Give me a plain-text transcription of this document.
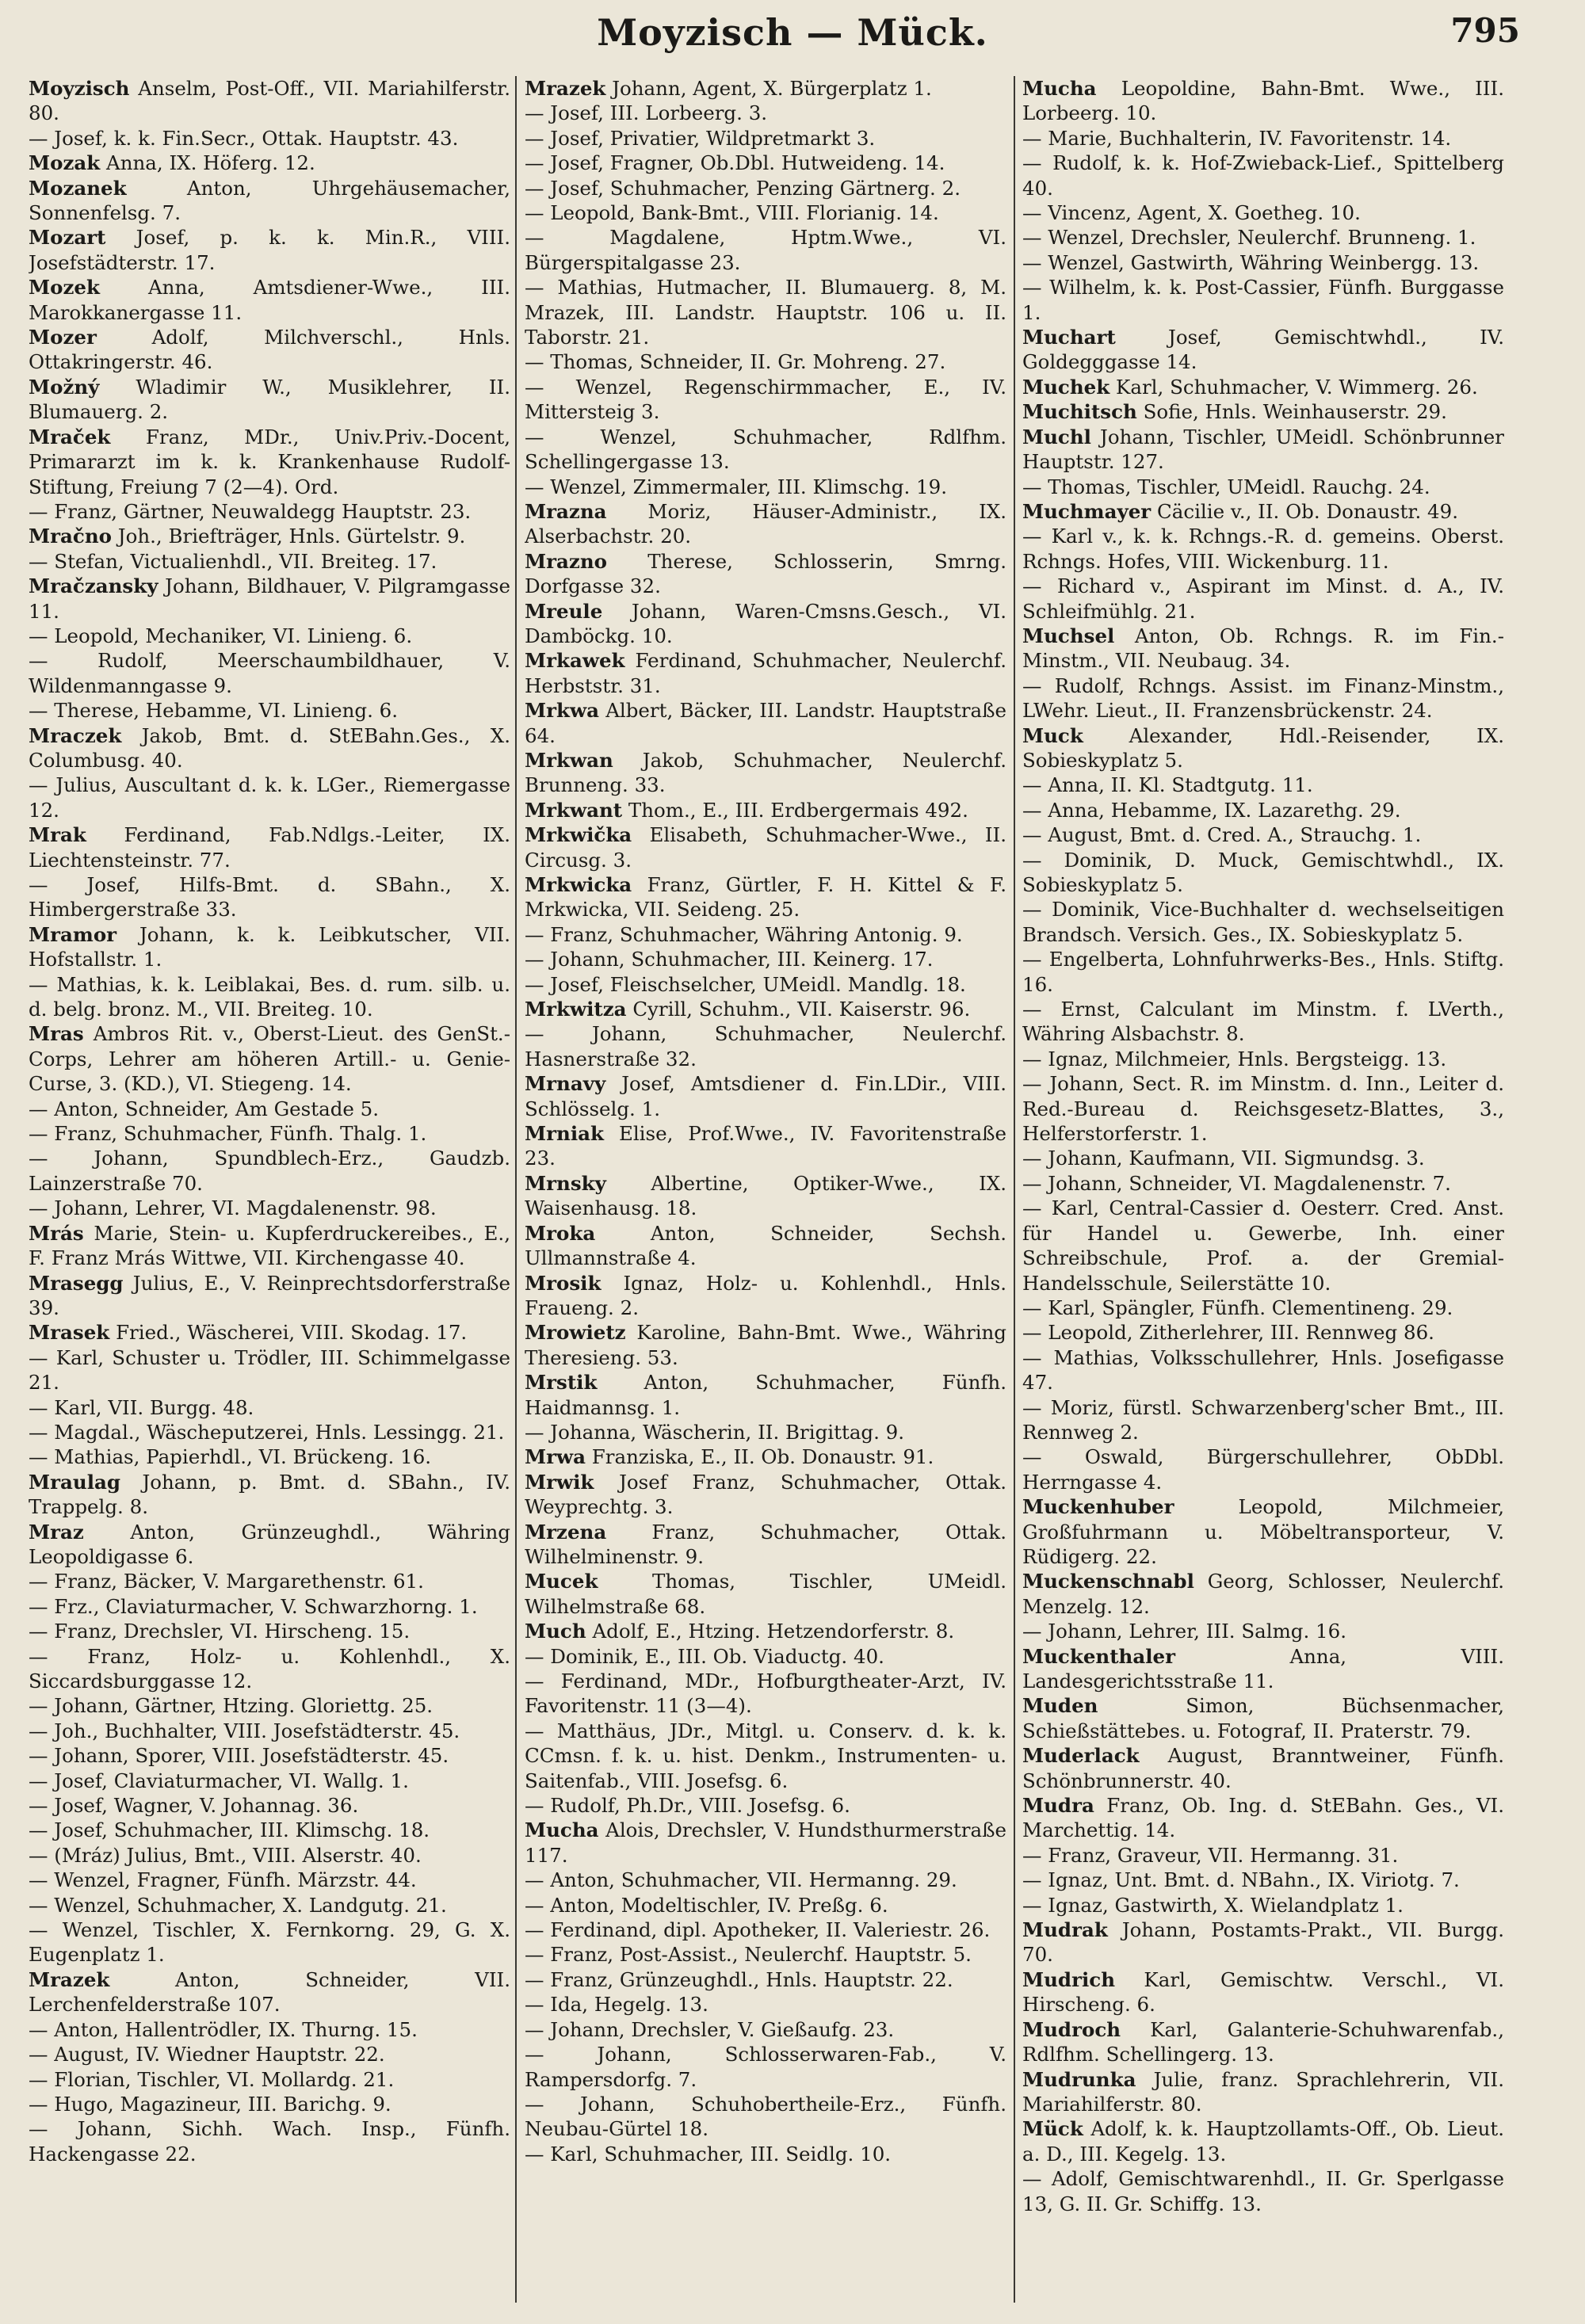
Moyzisch — Mück.	795

Moyzisch Anselm, Post-Off., VII. Mariahilferstr. 80.

— Josef, k. k. Fin.Secr., Ottak. Hauptstr. 43.

Mozak Anna, IX. Höferg. 12.

Mozanek	Anton, Uhrgehäusemacher, Sonnenfelsg. 7.

Mozart Josef, p. k. k. Min.R., VIII. Josefstädterstr. 17.

Mozek Anna, Amtsdiener-Wwe., III. Marokkanergasse 11.

Mozer	Adolf, Milchverschl., Hnls. Ottakringerstr. 46.

Možný Wladimir W., Musiklehrer, II. Blumauerg. 2.

Mraček Franz, MDr., Univ.Priv.-Docent, Primararzt im k. k. Krankenhause Rudolf-Stiftung, Freiung 7 (2—4). Ord.

— Franz, Gärtner, Neuwaldegg Hauptstr. 23.

Mračno Joh., Briefträger, Hnls. Gürtelstr. 9.

— Stefan, Victualienhdl., VII. Breiteg. 17.

Mračzansky Johann, Bildhauer, V. Pilgramgasse 11.

— Leopold, Mechaniker, VI. Linieng. 6.

— Rudolf, Meerschaumbildhauer, V. Wildenmanngasse 9.

— Therese, Hebamme, VI. Linieng. 6.

Mraczek Jakob, Bmt. d. StEBahn.Ges., X. Columbusg. 40.

— Julius, Auscultant d. k. k. LGer., Riemergasse 12.

Mrak Ferdinand, Fab.Ndlgs.-Leiter, IX. Liechtensteinstr. 77.

— Josef, Hilfs-Bmt. d. SBahn., X. Himbergerstraße 33.

Mramor Johann, k. k. Leibkutscher, VII. Hofstallstr. 1.

— Mathias, k. k. Leiblakai, Bes. d. rum. silb. u. d. belg. bronz. M., VII. Breiteg. 10.

Mras Ambros Rit. v., Oberst-Lieut. des GenSt.-Corps, Lehrer am höheren Artill.- u. Genie-Curse, 3. (KD.), VI. Stiegeng. 14.

— Anton, Schneider, Am Gestade 5.

— Franz, Schuhmacher, Fünfh. Thalg. 1.

— Johann, Spundblech-Erz., Gaudzb. Lainzerstraße 70.

— Johann, Lehrer, VI. Magdalenenstr. 98.

Mrás Marie, Stein- u. Kupferdruckereibes., E., F. Franz Mrás Wittwe, VII. Kirchengasse 40.

Mrasegg Julius, E., V. Reinprechtsdorferstraße 39.

Mrasek Fried., Wäscherei, VIII. Skodag. 17.

— Karl, Schuster u. Trödler, III. Schimmelgasse 21.

— Karl, VII. Burgg. 48.

— Magdal., Wäscheputzerei, Hnls. Lessingg. 21.

— Mathias, Papierhdl., VI. Brückeng. 16.

Mraulag Johann, p. Bmt. d. SBahn., IV. Trappelg. 8.

Mraz Anton, Grünzeughdl., Währing Leopoldigasse 6.

— Franz, Bäcker, V. Margarethenstr. 61.

— Frz., Claviaturmacher, V. Schwarzhorng. 1.

— Franz, Drechsler, VI. Hirscheng. 15.

— Franz, Holz- u. Kohlenhdl., X. Siccardsburggasse 12.

— Johann, Gärtner, Htzing. Gloriettg. 25.

— Joh., Buchhalter, VIII. Josefstädterstr. 45.

— Johann, Sporer, VIII. Josefstädterstr. 45.

— Josef, Claviaturmacher, VI. Wallg. 1.

— Josef, Wagner, V. Johannag. 36.

— Josef, Schuhmacher, III. Klimschg. 18.

— (Mráz) Julius, Bmt., VIII. Alserstr. 40.

— Wenzel, Fragner, Fünfh. Märzstr. 44.

— Wenzel, Schuhmacher, X. Landgutg. 21.

— Wenzel, Tischler, X. Fernkorng. 29, G. X. Eugenplatz 1.

Mrazek	Anton, Schneider, VII. Lerchenfelderstraße 107.

— Anton, Hallentrödler, IX. Thurng. 15.

— August, IV. Wiedner Hauptstr. 22.

— Florian, Tischler, VI. Mollardg. 21.

— Hugo, Magazineur, III. Barichg. 9.

— Johann, Sichh. Wach. Insp., Fünfh. Hackengasse 22.

Mrazek Johann, Agent, X. Bürgerplatz 1.

— Josef, III. Lorbeerg. 3.

— Josef, Privatier, Wildpretmarkt 3.

— Josef, Fragner, Ob.Dbl. Hutweideng. 14.

— Josef, Schuhmacher, Penzing Gärtnerg. 2.

— Leopold, Bank-Bmt., VIII. Florianig. 14.

— Magdalene, Hptm.Wwe., VI. Bürgerspitalgasse 23.

— Mathias, Hutmacher, II. Blumauerg. 8, M. Mrazek, III. Landstr. Hauptstr. 106 u. II. Taborstr. 21.

— Thomas, Schneider, II. Gr. Mohreng. 27.

— Wenzel, Regenschirmmacher, E., IV. Mittersteig 3.

— Wenzel, Schuhmacher, Rdlfhm. Schellingergasse 13.

— Wenzel, Zimmermaler, III. Klimschg. 19.

Mrazna Moriz, Häuser-Administr., IX. Alserbachstr. 20.

Mrazno Therese, Schlosserin, Smrng. Dorfgasse 32.

Mreule Johann, Waren-Cmsns.Gesch., VI. Damböckg. 10.

Mrkawek Ferdinand, Schuhmacher, Neulerchf. Herbststr. 31.

Mrkwa Albert, Bäcker, III. Landstr. Hauptstraße 64.

Mrkwan Jakob, Schuhmacher, Neulerchf. Brunneng. 33.

Mrkwant Thom., E., III. Erdbergermais 492.

Mrkwička Elisabeth, Schuhmacher-Wwe., II. Circusg. 3.

Mrkwicka Franz, Gürtler, F. H. Kittel & F. Mrkwicka, VII. Seideng. 25.

— Franz, Schuhmacher, Währing Antonig. 9.

— Johann, Schuhmacher, III. Keinerg. 17.

— Josef, Fleischselcher, UMeidl. Mandlg. 18.

Mrkwitza Cyrill, Schuhm., VII. Kaiserstr. 96.

— Johann, Schuhmacher, Neulerchf. Hasnerstraße 32.

Mrnavy Josef, Amtsdiener d. Fin.LDir., VIII. Schlösselg. 1.

Mrniak Elise, Prof.Wwe., IV. Favoritenstraße 23.

Mrnsky Albertine, Optiker-Wwe., IX. Waisenhausg. 18.

Mroka	Anton, Schneider, Sechsh. Ullmannstraße 4.

Mrosik Ignaz, Holz- u. Kohlenhdl., Hnls. Fraueng. 2.

Mrowietz Karoline, Bahn-Bmt. Wwe., Währing Theresieng. 53.

Mrstik Anton, Schuhmacher, Fünfh. Haidmannsg. 1.

— Johanna, Wäscherin, II. Brigittag. 9.

Mrwa Franziska, E., II. Ob. Donaustr. 91.

Mrwik Josef Franz, Schuhmacher, Ottak. Weyprechtg. 3.

Mrzena Franz, Schuhmacher, Ottak. Wilhelminenstr. 9.

Mucek	Thomas, Tischler, UMeidl. Wilhelmstraße 68.

Much Adolf, E., Htzing. Hetzendorferstr. 8.

— Dominik, E., III. Ob. Viaductg. 40.

— Ferdinand, MDr., Hofburgtheater-Arzt, IV. Favoritenstr. 11 (3—4).

— Matthäus, JDr., Mitgl. u. Conserv. d. k. k. CCmsn. f. k. u. hist. Denkm., Instrumenten- u. Saitenfab., VIII. Josefsg. 6.

— Rudolf, Ph.Dr., VIII. Josefsg. 6.

Mucha Alois, Drechsler, V. Hundsthurmerstraße 117.

— Anton, Schuhmacher, VII. Hermanng. 29.

— Anton, Modeltischler, IV. Preßg. 6.

— Ferdinand, dipl. Apotheker, II. Valeriestr. 26.

— Franz, Post-Assist., Neulerchf. Hauptstr. 5.

— Franz, Grünzeughdl., Hnls. Hauptstr. 22.

— Ida, Hegelg. 13.

— Johann, Drechsler, V. Gießaufg. 23.

— Johann, Schlosserwaren-Fab., V. Rampersdorfg. 7.

— Johann, Schuhobertheile-Erz., Fünfh. Neubau-Gürtel 18.

— Karl, Schuhmacher, III. Seidlg. 10.

Mucha Leopoldine, Bahn-Bmt. Wwe., III. Lorbeerg. 10.

— Marie, Buchhalterin, IV. Favoritenstr. 14.

— Rudolf, k. k. Hof-Zwieback-Lief., Spittelberg 40.

— Vincenz, Agent, X. Goetheg. 10.

— Wenzel, Drechsler, Neulerchf. Brunneng. 1.

— Wenzel, Gastwirth, Währing Weinbergg. 13.

— Wilhelm, k. k. Post-Cassier, Fünfh. Burggasse 1.

Muchart	Josef, Gemischtwhdl., IV. Goldegggasse 14.

Muchek Karl, Schuhmacher, V. Wimmerg. 26.

Muchitsch Sofie, Hnls. Weinhauserstr. 29.

Muchl Johann, Tischler, UMeidl. Schönbrunner Hauptstr. 127.

— Thomas, Tischler, UMeidl. Rauchg. 24.

Muchmayer Cäcilie v., II. Ob. Donaustr. 49.

— Karl v., k. k. Rchngs.-R. d. gemeins. Oberst. Rchngs. Hofes, VIII. Wickenburg. 11.

— Richard v., Aspirant im Minst. d. A., IV. Schleifmühlg. 21.

Muchsel Anton, Ob. Rchngs. R. im Fin.-Minstm., VII. Neubaug. 34.

— Rudolf, Rchngs. Assist. im Finanz-Minstm., LWehr. Lieut., II. Franzensbrückenstr. 24.

Muck Alexander, Hdl.-Reisender, IX. Sobieskyplatz 5.

— Anna, II. Kl. Stadtgutg. 11.

— Anna, Hebamme, IX. Lazarethg. 29.

— August, Bmt. d. Cred. A., Strauchg. 1.

— Dominik, D. Muck, Gemischtwhdl., IX. Sobieskyplatz 5.

— Dominik, Vice-Buchhalter d. wechselseitigen Brandsch. Versich. Ges., IX. Sobieskyplatz 5.

— Engelberta, Lohnfuhrwerks-Bes., Hnls. Stiftg. 16.

— Ernst, Calculant im Minstm. f. LVerth., Währing Alsbachstr. 8.

— Ignaz, Milchmeier, Hnls. Bergsteigg. 13.

— Johann, Sect. R. im Minstm. d. Inn., Leiter d. Red.-Bureau d. Reichsgesetz-Blattes, 3., Helferstorferstr. 1.

— Johann, Kaufmann, VII. Sigmundsg. 3.

— Johann, Schneider, VI. Magdalenenstr. 7.

— Karl, Central-Cassier d. Oesterr. Cred. Anst. für Handel u. Gewerbe, Inh. einer Schreibschule, Prof. a. der Gremial-Handelsschule, Seilerstätte 10.

— Karl, Spängler, Fünfh. Clementineng. 29.

— Leopold, Zitherlehrer, III. Rennweg 86.

— Mathias, Volksschullehrer, Hnls. Josefigasse 47.

— Moriz, fürstl. Schwarzenberg'scher Bmt., III. Rennweg 2.

— Oswald, Bürgerschullehrer, ObDbl. Herrngasse 4.

Muckenhuber	Leopold, Milchmeier, Großfuhrmann u. Möbeltransporteur, V. Rüdigerg. 22.

Muckenschnabl Georg, Schlosser, Neulerchf. Menzelg. 12.

— Johann, Lehrer, III. Salmg. 16.

Muckenthaler	Anna, VIII. Landesgerichtsstraße 11.

Muden	Simon, Büchsenmacher, Schießstättebes. u. Fotograf, II. Praterstr. 79.

Muderlack August, Branntweiner, Fünfh. Schönbrunnerstr. 40.

Mudra Franz, Ob. Ing. d. StEBahn. Ges., VI. Marchettig. 14.

— Franz, Graveur, VII. Hermanng. 31.

— Ignaz, Unt. Bmt. d. NBahn., IX. Viriotg. 7.

— Ignaz, Gastwirth, X. Wielandplatz 1.

Mudrak Johann, Postamts-Prakt., VII. Burgg. 70.

Mudrich Karl, Gemischtw. Verschl., VI. Hirscheng. 6.

Mudroch Karl, Galanterie-Schuhwarenfab., Rdlfhm. Schellingerg. 13.

Mudrunka Julie, franz. Sprachlehrerin, VII. Mariahilferstr. 80.

Mück Adolf, k. k. Hauptzollamts-Off., Ob. Lieut. a. D., III. Kegelg. 13.

— Adolf, Gemischtwarenhdl., II. Gr. Sperlgasse 13, G. II. Gr. Schiffg. 13.
